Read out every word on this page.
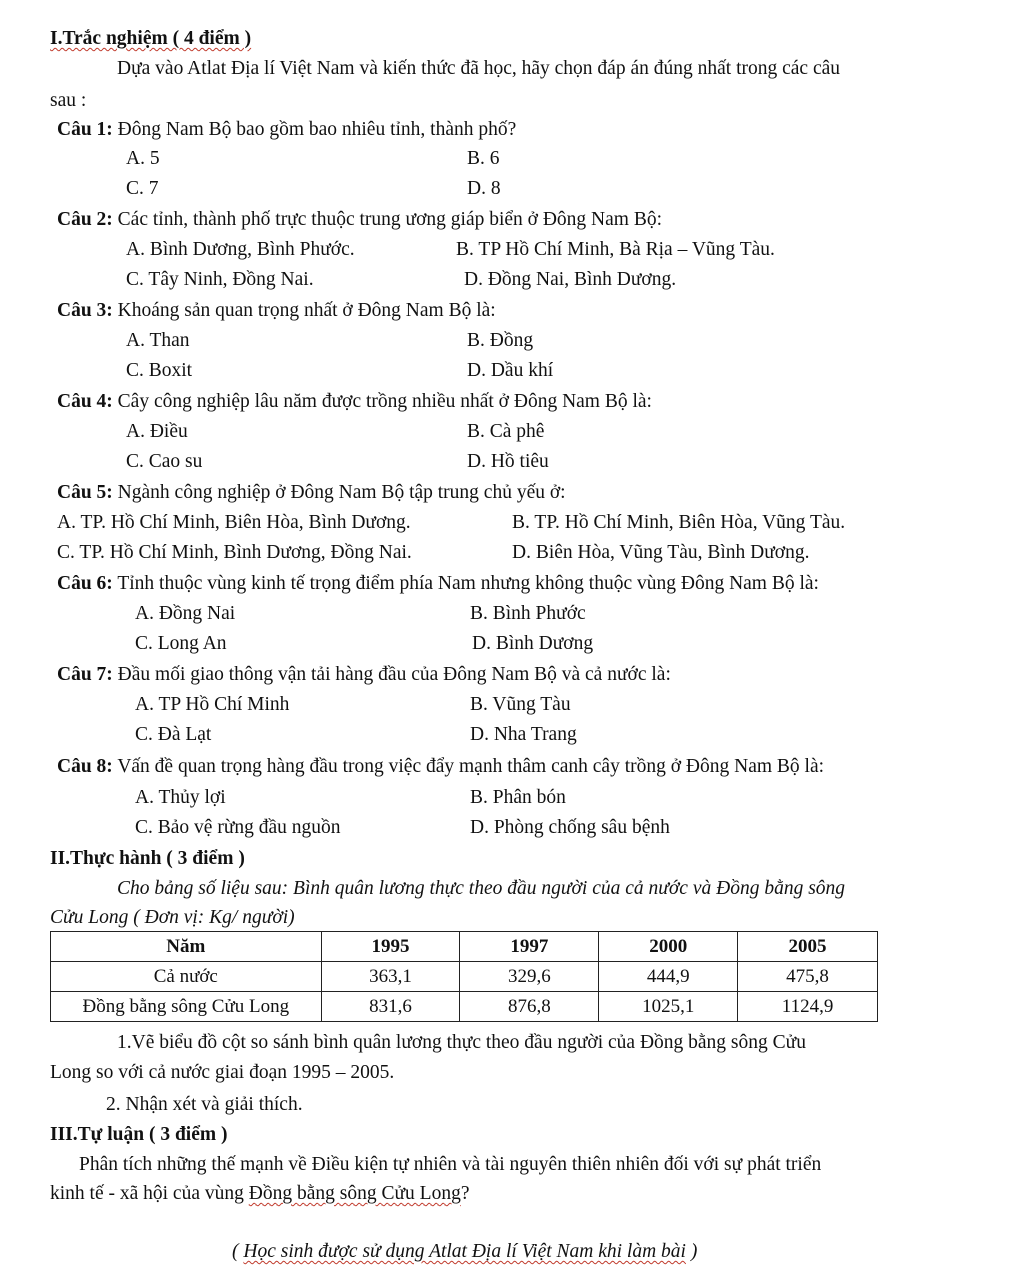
I.Trắc nghiệm ( 4 điểm )
Dựa vào Atlat Địa lí Việt Nam và kiến thức đã học, hãy chọn đáp án đúng nhất trong các câu
sau :
Câu 1: Đông Nam Bộ bao gồm bao nhiêu tỉnh, thành phố?
A. 5	B. 6
C. 7	D. 8
Câu 2: Các tỉnh, thành phố trực thuộc trung ương giáp biển ở Đông Nam Bộ:
A. Bình Dương, Bình Phước.	B. TP Hồ Chí Minh, Bà Rịa – Vũng Tàu.
C. Tây Ninh, Đồng Nai.	D. Đồng Nai, Bình Dương.
Câu 3: Khoáng sản quan trọng nhất ở Đông Nam Bộ là:
A. Than	B. Đồng
C. Boxit	D. Dầu khí
Câu 4: Cây công nghiệp lâu năm được trồng nhiều nhất ở Đông Nam Bộ là:
A. Điều	B. Cà phê
C. Cao su	D. Hồ tiêu
Câu 5: Ngành công nghiệp ở Đông Nam Bộ tập trung chủ yếu ở:
A. TP. Hồ Chí Minh, Biên Hòa, Bình Dương.	B. TP. Hồ Chí Minh, Biên Hòa, Vũng Tàu.
C. TP. Hồ Chí Minh, Bình Dương, Đồng Nai.	D. Biên Hòa, Vũng Tàu, Bình Dương.
Câu 6: Tỉnh thuộc vùng kinh tế trọng điểm phía Nam nhưng không thuộc vùng Đông Nam Bộ là:
A. Đồng Nai	B. Bình Phước
C. Long An	D. Bình Dương
Câu 7: Đầu mối giao thông vận tải hàng đầu của Đông Nam Bộ và cả nước là:
A. TP Hồ Chí Minh	B. Vũng Tàu
C. Đà Lạt	D. Nha Trang
Câu 8: Vấn đề quan trọng hàng đầu trong việc đẩy mạnh thâm canh cây trồng ở Đông Nam Bộ là:
A. Thủy lợi	B. Phân bón
C. Bảo vệ rừng đầu nguồn	D. Phòng chống sâu bệnh
II.Thực hành ( 3 điểm )
Cho bảng số liệu sau: Bình quân lương thực theo đầu người của cả nước và Đồng bằng sông
Cửu Long ( Đơn vị: Kg/ người)
Năm	1995	1997	2000	2005
Cả nước	363,1	329,6	444,9	475,8
Đồng bằng sông Cửu Long	831,6	876,8	1025,1	1124,9
1.Vẽ biểu đồ cột so sánh bình quân lương thực theo đầu người của Đồng bằng sông Cửu
Long so với cả nước giai đoạn 1995 – 2005.
2. Nhận xét và giải thích.
III.Tự luận ( 3 điểm )
Phân tích những thế mạnh về Điều kiện tự nhiên và tài nguyên thiên nhiên đối với sự phát triển
kinh tế - xã hội của vùng Đồng bằng sông Cửu Long?
( Học sinh được sử dụng Atlat Địa lí Việt Nam khi làm bài )
